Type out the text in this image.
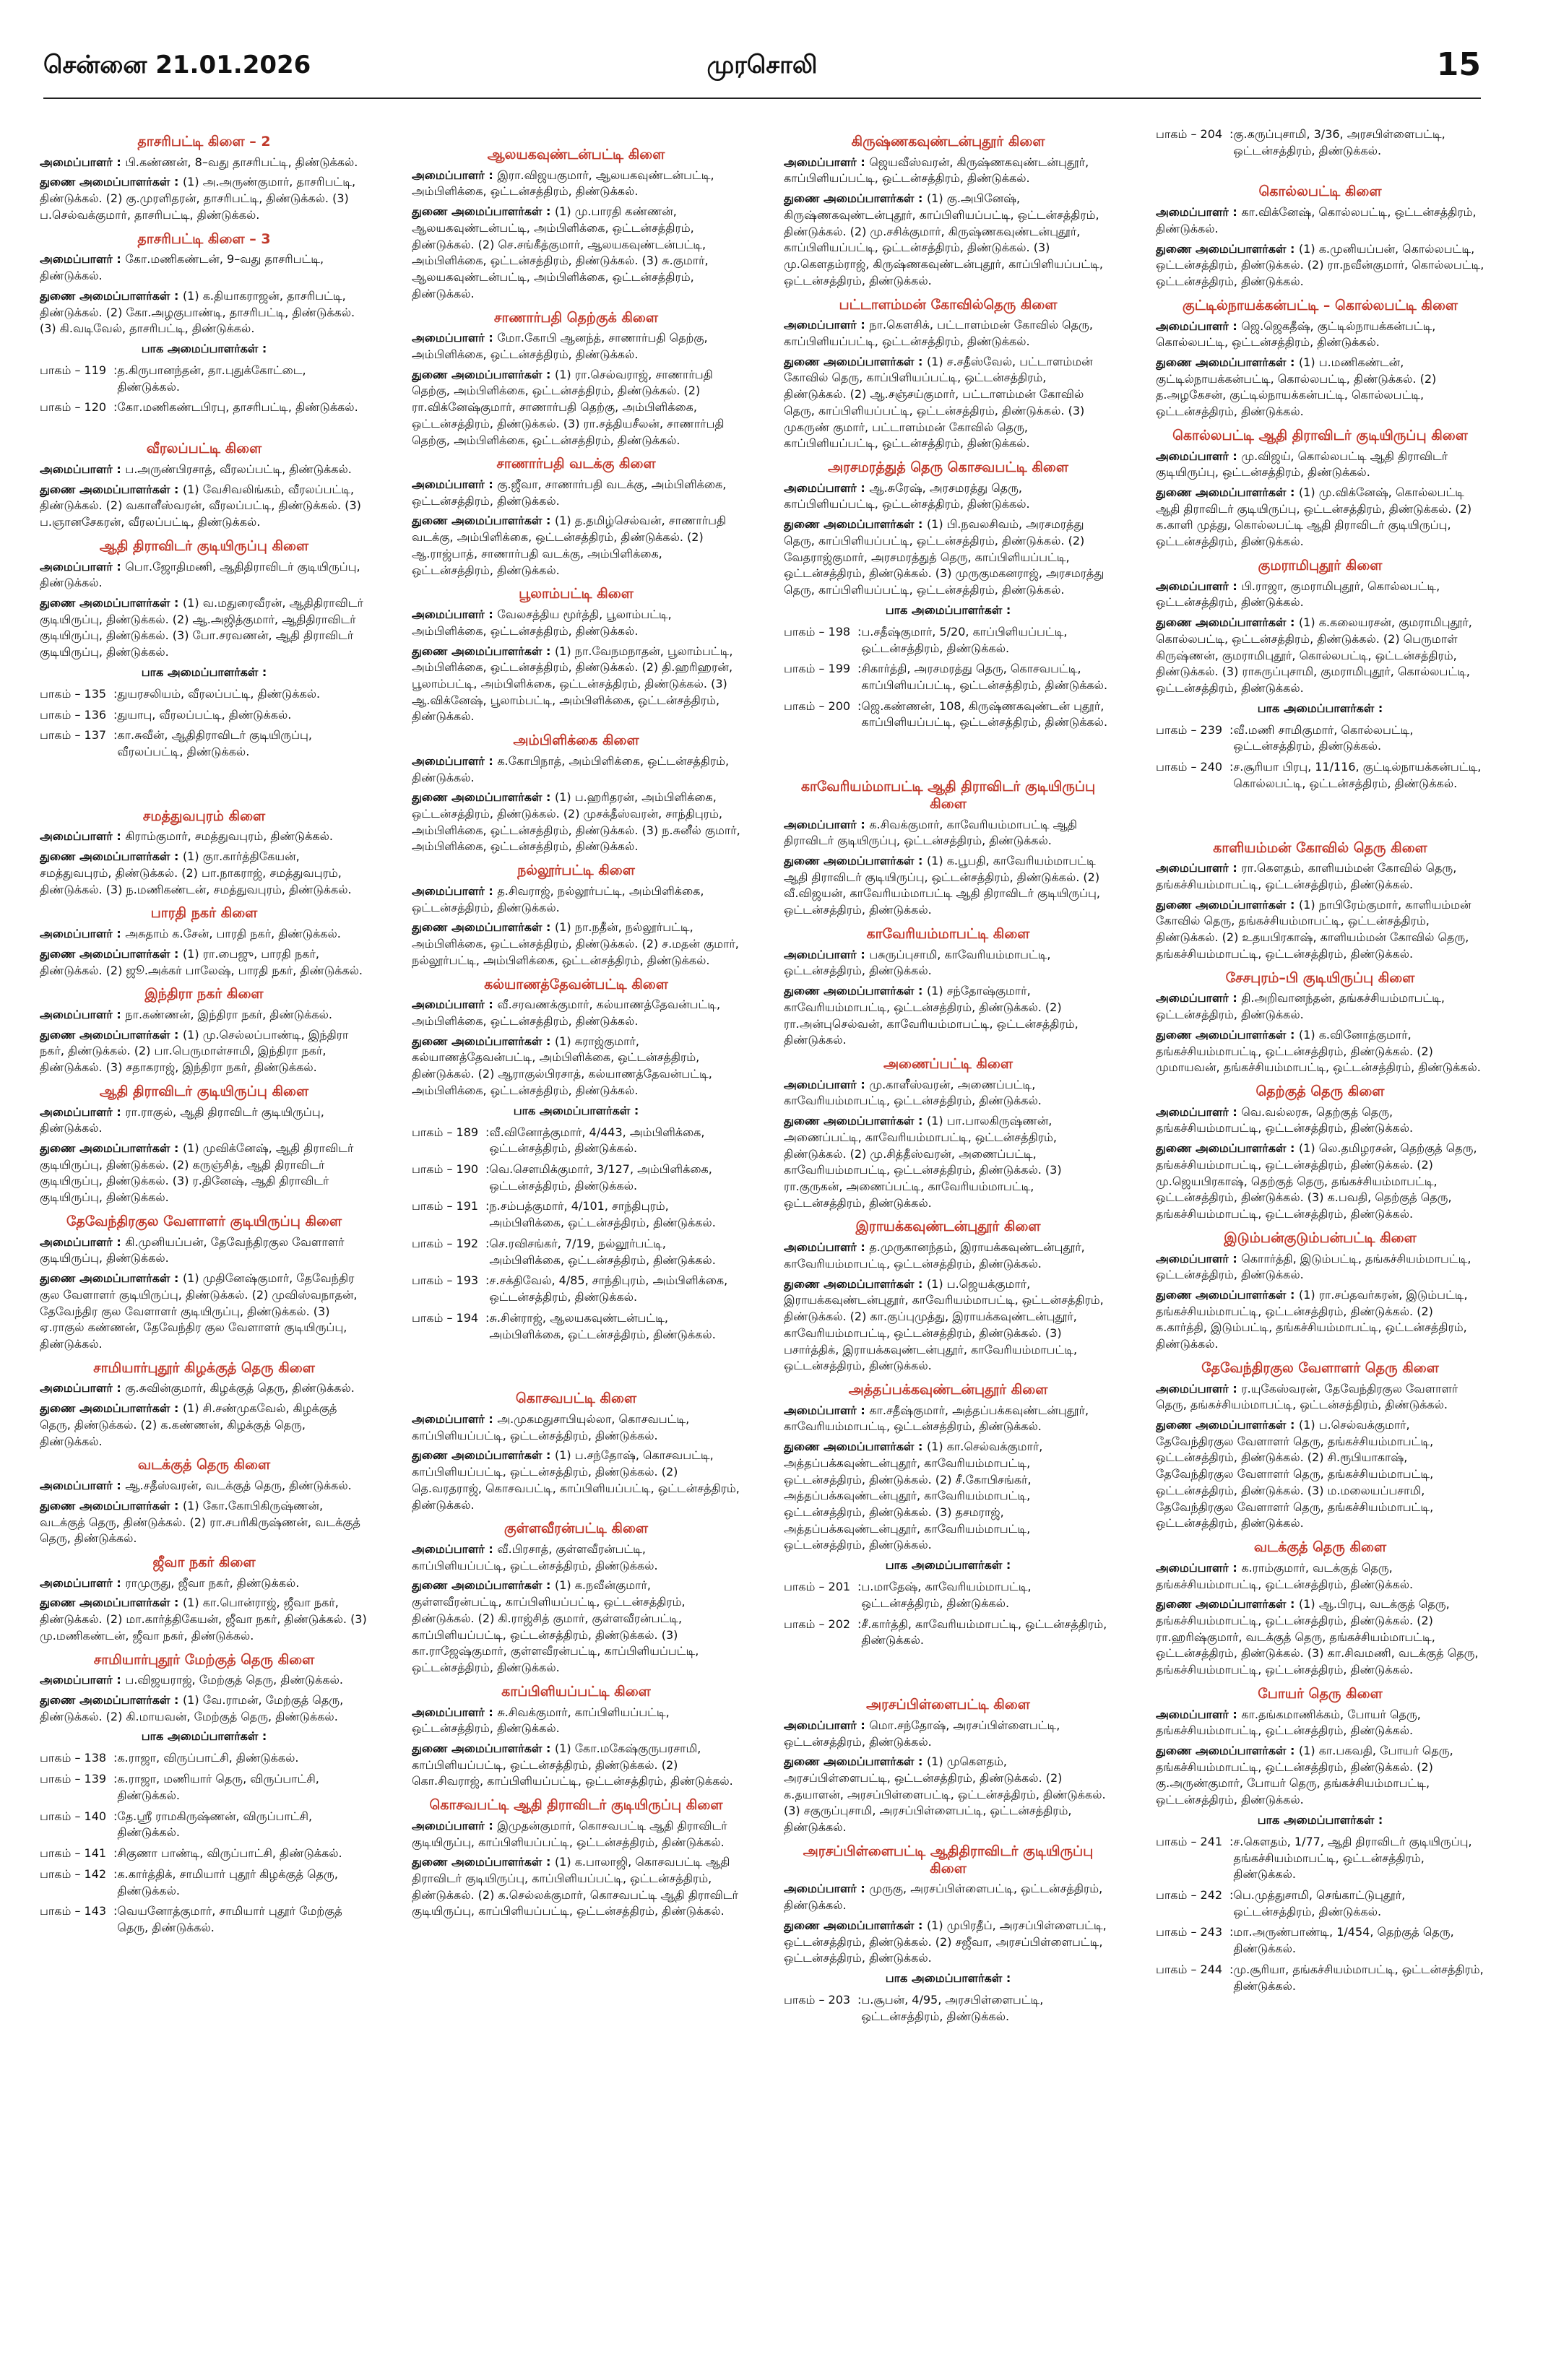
சென்னை 21.01.2026	முரசொலி	15
தாசரிபட்டி கிளை – 2
அமைப்பாளர் : பி.கண்ணன், 8–வது தாசரிபட்டி, திண்டுக்கல்.
துணை அமைப்பாளர்கள் : (1) அ.அருண்குமார், தாசரிபட்டி, திண்டுக்கல். (2) கு.முரளிதரன், தாசரிபட்டி, திண்டுக்கல். (3) ப.செல்வக்குமார், தாசரிபட்டி, திண்டுக்கல்.
தாசரிபட்டி கிளை – 3
அமைப்பாளர் : கோ.மணிகண்டன், 9–வது தாசரிபட்டி, திண்டுக்கல்.
துணை அமைப்பாளர்கள் : (1) க.தியாகராஜன், தாசரிபட்டி, திண்டுக்கல். (2) கோ.அழகுபாண்டி, தாசரிபட்டி, திண்டுக்கல். (3) கி.வடிவேல், தாசரிபட்டி, திண்டுக்கல்.
பாக அமைப்பாளர்கள் :
பாகம் – 119 : த.கிருபானந்தன், தா.புதுக்கோட்டை, திண்டுக்கல்.
பாகம் – 120 : கோ.மணிகண்டபிரபு, தாசரிபட்டி, திண்டுக்கல்.
வீரலப்பட்டி கிளை
அமைப்பாளர் : ப.அருண்பிரசாத், வீரலப்பட்டி, திண்டுக்கல்.
துணை அமைப்பாளர்கள் : (1) வேசிவலிங்கம், வீரலப்பட்டி, திண்டுக்கல். (2) வகாளீஸ்வரன், வீரலப்பட்டி, திண்டுக்கல். (3) ப.ஞானசேகரன், வீரலப்பட்டி, திண்டுக்கல்.
ஆதி திராவிடர் குடியிருப்பு கிளை
அமைப்பாளர் : பொ.ஜோதிமணி, ஆதிதிராவிடர் குடியிருப்பு, திண்டுக்கல்.
துணை அமைப்பாளர்கள் : (1) வ.மதுரைவீரன், ஆதிதிராவிடர் குடியிருப்பு, திண்டுக்கல். (2) ஆ.அஜித்குமார், ஆதிதிராவிடர் குடியிருப்பு, திண்டுக்கல். (3) போ.சரவணன், ஆதி திராவிடர் குடியிருப்பு, திண்டுக்கல்.
பாக அமைப்பாளர்கள் :
பாகம் – 135 : துயரசலியம், வீரலப்பட்டி, திண்டுக்கல்.
பாகம் – 136 : துயாபு, வீரலப்பட்டி, திண்டுக்கல்.
பாகம் – 137 : கா.சுவீன், ஆதிதிராவிடர் குடியிருப்பு, வீரலப்பட்டி, திண்டுக்கல்.
சமத்துவபுரம் கிளை
அமைப்பாளர் : கிராம்குமார், சமத்துவபுரம், திண்டுக்கல்.
துணை அமைப்பாளர்கள் : (1) குா.கார்த்திகேயன், சமத்துவபுரம், திண்டுக்கல். (2) பா.நாகராஜ், சமத்துவபுரம், திண்டுக்கல். (3) ந.மணிகண்டன், சமத்துவபுரம், திண்டுக்கல்.
பாரதி நகர் கிளை
அமைப்பாளர் : அசுதாம் க.சேன், பாரதி நகர், திண்டுக்கல்.
துணை அமைப்பாளர்கள் : (1) ரா.பைஜு, பாரதி நகர், திண்டுக்கல். (2) ஜூ.அக்கர் பாலேஷ், பாரதி நகர், திண்டுக்கல்.
இந்திரா நகர் கிளை
அமைப்பாளர் : நா.கண்ணன், இந்திரா நகர், திண்டுக்கல்.
துணை அமைப்பாளர்கள் : (1) மு.செல்லப்பாண்டி, இந்திரா நகர், திண்டுக்கல். (2) பா.பெருமாள்சாமி, இந்திரா நகர், திண்டுக்கல். (3) சதாகராஜ், இந்திரா நகர், திண்டுக்கல்.
ஆதி திராவிடர் குடியிருப்பு கிளை
அமைப்பாளர் : ரா.ராகுல், ஆதி திராவிடர் குடியிருப்பு, திண்டுக்கல்.
துணை அமைப்பாளர்கள் : (1) முவிக்னேஷ், ஆதி திராவிடர் குடியிருப்பு, திண்டுக்கல். (2) கருஞ்சித், ஆதி திராவிடர் குடியிருப்பு, திண்டுக்கல். (3) ர.தினேஷ், ஆதி திராவிடர் குடியிருப்பு, திண்டுக்கல்.
தேவேந்திரகுல வேளாளர் குடியிருப்பு கிளை
அமைப்பாளர் : கி.முனியப்பன், தேவேந்திரகுல வேளாளர் குடியிருப்பு, திண்டுக்கல்.
துணை அமைப்பாளர்கள் : (1) முதினேஷ்குமார், தேவேந்திர குல வேளாளர் குடியிருப்பு, திண்டுக்கல். (2) முவிஸ்வநாதன், தேவேந்திர குல வேளாளர் குடியிருப்பு, திண்டுக்கல். (3) ஏ.ராகுல் கண்ணன், தேவேந்திர குல வேளாளர் குடியிருப்பு, திண்டுக்கல்.
சாமியார்புதூர் கிழக்குத் தெரு கிளை
அமைப்பாளர் : கு.சுவின்குமார், கிழக்குத் தெரு, திண்டுக்கல்.
துணை அமைப்பாளர்கள் : (1) சி.சண்முகவேல், கிழக்குத் தெரு, திண்டுக்கல். (2) க.கண்ணன், கிழக்குத் தெரு, திண்டுக்கல்.
வடக்குத் தெரு கிளை
அமைப்பாளர் : ஆ.சதீஸ்வரன், வடக்குத் தெரு, திண்டுக்கல்.
துணை அமைப்பாளர்கள் : (1) கோ.கோபிகிருஷ்ணன், வடக்குத் தெரு, திண்டுக்கல். (2) ரா.சபரிகிருஷ்ணன், வடக்குத் தெரு, திண்டுக்கல்.
ஜீவா நகர் கிளை
அமைப்பாளர் : ராமுருது, ஜீவா நகர், திண்டுக்கல்.
துணை அமைப்பாளர்கள் : (1) கா.பொன்ராஜ், ஜீவா நகர், திண்டுக்கல். (2) மா.கார்த்திகேயன், ஜீவா நகர், திண்டுக்கல். (3) மு.மணிகண்டன், ஜீவா நகர், திண்டுக்கல்.
சாமியார்புதூர் மேற்குத் தெரு கிளை
அமைப்பாளர் : ப.விஜயராஜ், மேற்குத் தெரு, திண்டுக்கல்.
துணை அமைப்பாளர்கள் : (1) வே.ராமன், மேற்குத் தெரு, திண்டுக்கல். (2) கி.மாயவன், மேற்குத் தெரு, திண்டுக்கல்.
பாக அமைப்பாளர்கள் :
பாகம் – 138 : க.ராஜா, விருப்பாட்சி, திண்டுக்கல்.
பாகம் – 139 : க.ராஜா, மணியார் தெரு, விருப்பாட்சி, திண்டுக்கல்.
பாகம் – 140 : தே.ஸ்ரீ ராமகிருஷ்ணன், விருப்பாட்சி, திண்டுக்கல்.
பாகம் – 141 : சிகுணா பாண்டி, விருப்பாட்சி, திண்டுக்கல்.
பாகம் – 142 : க.கார்த்திக், சாமியார் புதூர் கிழக்குத் தெரு, திண்டுக்கல்.
பாகம் – 143 : வெயனோத்குமார், சாமியார் புதூர் மேற்குத் தெரு, திண்டுக்கல்.
ஆலயகவுண்டன்பட்டி கிளை
அமைப்பாளர் : இரா.விஜயகுமார், ஆலயகவுண்டன்பட்டி, அம்பிளிக்கை, ஒட்டன்சத்திரம், திண்டுக்கல்.
துணை அமைப்பாளர்கள் : (1) மு.பாரதி கண்ணன், ஆலயகவுண்டன்பட்டி, அம்பிளிக்கை, ஒட்டன்சத்திரம், திண்டுக்கல். (2) செ.சங்கீத்குமார், ஆலயகவுண்டன்பட்டி, அம்பிளிக்கை, ஒட்டன்சத்திரம், திண்டுக்கல். (3) சு.குமார், ஆலயகவுண்டன்பட்டி, அம்பிளிக்கை, ஒட்டன்சத்திரம், திண்டுக்கல்.
சாணார்பதி தெற்குக் கிளை
அமைப்பாளர் : மோ.கோபி ஆனந்த், சாணார்பதி தெற்கு, அம்பிளிக்கை, ஒட்டன்சத்திரம், திண்டுக்கல்.
துணை அமைப்பாளர்கள் : (1) ரா.செல்வராஜ், சாணார்பதி தெற்கு, அம்பிளிக்கை, ஒட்டன்சத்திரம், திண்டுக்கல். (2) ரா.விக்னேஷ்குமார், சாணார்பதி தெற்கு, அம்பிளிக்கை, ஒட்டன்சத்திரம், திண்டுக்கல். (3) ரா.சத்தியசீலன், சாணார்பதி தெற்கு, அம்பிளிக்கை, ஒட்டன்சத்திரம், திண்டுக்கல்.
சாணார்பதி வடக்கு கிளை
அமைப்பாளர் : கு.ஜீவா, சாணார்பதி வடக்கு, அம்பிளிக்கை, ஒட்டன்சத்திரம், திண்டுக்கல்.
துணை அமைப்பாளர்கள் : (1) த.தமிழ்செல்வன், சாணார்பதி வடக்கு, அம்பிளிக்கை, ஒட்டன்சத்திரம், திண்டுக்கல். (2) ஆ.ராஜ்பாத், சாணார்பதி வடக்கு, அம்பிளிக்கை, ஒட்டன்சத்திரம், திண்டுக்கல்.
பூலாம்பட்டி கிளை
அமைப்பாளர் : வேலசத்திய மூர்த்தி, பூலாம்பட்டி, அம்பிளிக்கை, ஒட்டன்சத்திரம், திண்டுக்கல்.
துணை அமைப்பாளர்கள் : (1) நா.வேநமநாதன், பூலாம்பட்டி, அம்பிளிக்கை, ஒட்டன்சத்திரம், திண்டுக்கல். (2) தி.ஹரிஹரன், பூலாம்பட்டி, அம்பிளிக்கை, ஒட்டன்சத்திரம், திண்டுக்கல். (3) ஆ.விக்னேஷ், பூலாம்பட்டி, அம்பிளிக்கை, ஒட்டன்சத்திரம், திண்டுக்கல்.
அம்பிளிக்கை கிளை
அமைப்பாளர் : க.கோபிநாத், அம்பிளிக்கை, ஒட்டன்சத்திரம், திண்டுக்கல்.
துணை அமைப்பாளர்கள் : (1) ப.ஹரிதரன், அம்பிளிக்கை, ஒட்டன்சத்திரம், திண்டுக்கல். (2) முசக்தீஸ்வரன், சாந்திபுரம், அம்பிளிக்கை, ஒட்டன்சத்திரம், திண்டுக்கல். (3) ந.சுனீல் குமார், அம்பிளிக்கை, ஒட்டன்சத்திரம், திண்டுக்கல்.
நல்லூர்பட்டி கிளை
அமைப்பாளர் : த.சிவராஜ், நல்லூர்பட்டி, அம்பிளிக்கை, ஒட்டன்சத்திரம், திண்டுக்கல்.
துணை அமைப்பாளர்கள் : (1) நா.நதீன், நல்லூர்பட்டி, அம்பிளிக்கை, ஒட்டன்சத்திரம், திண்டுக்கல். (2) ச.மதன் குமார், நல்லூர்பட்டி, அம்பிளிக்கை, ஒட்டன்சத்திரம், திண்டுக்கல்.
கல்யாணத்தேவன்பட்டி கிளை
அமைப்பாளர் : வீ.சரவணக்குமார், கல்யாணத்தேவன்பட்டி, அம்பிளிக்கை, ஒட்டன்சத்திரம், திண்டுக்கல்.
துணை அமைப்பாளர்கள் : (1) சுராஜ்குமார், கல்யாணத்தேவன்பட்டி, அம்பிளிக்கை, ஒட்டன்சத்திரம், திண்டுக்கல். (2) ஆராகுல்பிரசாத், கல்யாணத்தேவன்பட்டி, அம்பிளிக்கை, ஒட்டன்சத்திரம், திண்டுக்கல்.
பாக அமைப்பாளர்கள் :
பாகம் – 189 : வீ.வினோத்குமார், 4/443, அம்பிளிக்கை, ஒட்டன்சத்திரம், திண்டுக்கல்.
பாகம் – 190 : வெ.செளமிக்குமார், 3/127, அம்பிளிக்கை, ஒட்டன்சத்திரம், திண்டுக்கல்.
பாகம் – 191 : ந.சம்பத்குமார், 4/101, சாந்திபுரம், அம்பிளிக்கை, ஒட்டன்சத்திரம், திண்டுக்கல்.
பாகம் – 192 : செ.ரவிசங்கர், 7/19, நல்லூர்பட்டி, அம்பிளிக்கை, ஒட்டன்சத்திரம், திண்டுக்கல்.
பாகம் – 193 : ச.சக்திவேல், 4/85, சாந்திபுரம், அம்பிளிக்கை, ஒட்டன்சத்திரம், திண்டுக்கல்.
பாகம் – 194 : சு.சின்ராஜ், ஆலயகவுண்டன்பட்டி, அம்பிளிக்கை, ஒட்டன்சத்திரம், திண்டுக்கல்.
கொசவபட்டி கிளை
அமைப்பாளர் : அ.முகமதுசாபியுல்லா, கொசவபட்டி, காப்பிளியப்பட்டி, ஒட்டன்சத்திரம், திண்டுக்கல்.
துணை அமைப்பாளர்கள் : (1) ப.சந்தோஷ், கொசவபட்டி, காப்பிளியப்பட்டி, ஒட்டன்சத்திரம், திண்டுக்கல். (2) தெ.வரதராஜ், கொசவபட்டி, காப்பிளியப்பட்டி, ஒட்டன்சத்திரம், திண்டுக்கல்.
குள்ளவீரன்பட்டி கிளை
அமைப்பாளர் : வீ.பிரசாத், குள்ளவீரன்பட்டி, காப்பிளியப்பட்டி, ஒட்டன்சத்திரம், திண்டுக்கல்.
துணை அமைப்பாளர்கள் : (1) க.நவீன்குமார், குள்ளவீரன்பட்டி, காப்பிளியப்பட்டி, ஒட்டன்சத்திரம், திண்டுக்கல். (2) கி.ராஜ்சித் குமார், குள்ளவீரன்பட்டி, காப்பிளியப்பட்டி, ஒட்டன்சத்திரம், திண்டுக்கல். (3) கா.ராஜேஷ்குமார், குள்ளவீரன்பட்டி, காப்பிளியப்பட்டி, ஒட்டன்சத்திரம், திண்டுக்கல்.
காப்பிளியப்பட்டி கிளை
அமைப்பாளர் : சு.சிவக்குமார், காப்பிளியப்பட்டி, ஒட்டன்சத்திரம், திண்டுக்கல்.
துணை அமைப்பாளர்கள் : (1) கோ.மகேஷ்குருபரசாமி, காப்பிளியப்பட்டி, ஒட்டன்சத்திரம், திண்டுக்கல். (2) கொ.சிவராஜ், காப்பிளியப்பட்டி, ஒட்டன்சத்திரம், திண்டுக்கல்.
கொசவபட்டி ஆதி திராவிடர் குடியிருப்பு கிளை
அமைப்பாளர் : இமுதன்குமார், கொசவபட்டி ஆதி திராவிடர் குடியிருப்பு, காப்பிளியப்பட்டி, ஒட்டன்சத்திரம், திண்டுக்கல்.
துணை அமைப்பாளர்கள் : (1) க.பாலாஜி, கொசவபட்டி ஆதி திராவிடர் குடியிருப்பு, காப்பிளியப்பட்டி, ஒட்டன்சத்திரம், திண்டுக்கல். (2) க.செல்லக்குமார், கொசவபட்டி ஆதி திராவிடர் குடியிருப்பு, காப்பிளியப்பட்டி, ஒட்டன்சத்திரம், திண்டுக்கல்.
கிருஷ்ணகவுண்டன்புதூர் கிளை
அமைப்பாளர் : ஜெயவீஸ்வரன், கிருஷ்ணகவுண்டன்புதூர், காப்பிளியப்பட்டி, ஒட்டன்சத்திரம், திண்டுக்கல்.
துணை அமைப்பாளர்கள் : (1) கு.அபினேஷ், கிருஷ்ணகவுண்டன்புதூர், காப்பிளியப்பட்டி, ஒட்டன்சத்திரம், திண்டுக்கல். (2) மு.சசிக்குமார், கிருஷ்ணகவுண்டன்புதூர், காப்பிளியப்பட்டி, ஒட்டன்சத்திரம், திண்டுக்கல். (3) மு.கௌதம்ராஜ், கிருஷ்ணகவுண்டன்புதூர், காப்பிளியப்பட்டி, ஒட்டன்சத்திரம், திண்டுக்கல்.
பட்டாளம்மன் கோவில்தெரு கிளை
அமைப்பாளர் : நா.கௌசிக், பட்டாளம்மன் கோவில் தெரு, காப்பிளியப்பட்டி, ஒட்டன்சத்திரம், திண்டுக்கல்.
துணை அமைப்பாளர்கள் : (1) ச.சதீஸ்வேல், பட்டாளம்மன் கோவில் தெரு, காப்பிளியப்பட்டி, ஒட்டன்சத்திரம், திண்டுக்கல். (2) ஆ.சஞ்சய்குமார், பட்டாளம்மன் கோவில் தெரு, காப்பிளியப்பட்டி, ஒட்டன்சத்திரம், திண்டுக்கல். (3) முகருண் குமார், பட்டாளம்மன் கோவில் தெரு, காப்பிளியப்பட்டி, ஒட்டன்சத்திரம், திண்டுக்கல்.
அரசமரத்துத் தெரு கொசவபட்டி கிளை
அமைப்பாளர் : ஆ.சுரேஷ், அரசமரத்து தெரு, காப்பிளியப்பட்டி, ஒட்டன்சத்திரம், திண்டுக்கல்.
துணை அமைப்பாளர்கள் : (1) பி.நவலசிவம், அரசமரத்து தெரு, காப்பிளியப்பட்டி, ஒட்டன்சத்திரம், திண்டுக்கல். (2) வேதராஜ்குமார், அரசமரத்துத் தெரு, காப்பிளியப்பட்டி, ஒட்டன்சத்திரம், திண்டுக்கல். (3) முருகுமகனராஜ், அரசமரத்து தெரு, காப்பிளியப்பட்டி, ஒட்டன்சத்திரம், திண்டுக்கல்.
பாக அமைப்பாளர்கள் :
பாகம் – 198 : ப.சதீஷ்குமார், 5/20, காப்பிளியப்பட்டி, ஒட்டன்சத்திரம், திண்டுக்கல்.
பாகம் – 199 : சிகார்த்தி, அரசமரத்து தெரு, கொசவபட்டி, காப்பிளியப்பட்டி, ஒட்டன்சத்திரம், திண்டுக்கல்.
பாகம் – 200 : ஜெ.கண்ணன், 108, கிருஷ்ணகவுண்டன் புதூர், காப்பிளியப்பட்டி, ஒட்டன்சத்திரம், திண்டுக்கல்.
காவேரியம்மாபட்டி ஆதி திராவிடர் குடியிருப்பு கிளை
அமைப்பாளர் : க.சிவக்குமார், காவேரியம்மாபட்டி ஆதி திராவிடர் குடியிருப்பு, ஒட்டன்சத்திரம், திண்டுக்கல்.
துணை அமைப்பாளர்கள் : (1) க.பூபதி, காவேரியம்மாபட்டி ஆதி திராவிடர் குடியிருப்பு, ஒட்டன்சத்திரம், திண்டுக்கல். (2) வீ.விஜயன், காவேரியம்மாபட்டி ஆதி திராவிடர் குடியிருப்பு, ஒட்டன்சத்திரம், திண்டுக்கல்.
காவேரியம்மாபட்டி கிளை
அமைப்பாளர் : பசுருப்புசாமி, காவேரியம்மாபட்டி, ஒட்டன்சத்திரம், திண்டுக்கல்.
துணை அமைப்பாளர்கள் : (1) சந்தோஷ்குமார், காவேரியம்மாபட்டி, ஒட்டன்சத்திரம், திண்டுக்கல். (2) ரா.அன்புசெல்வன், காவேரியம்மாபட்டி, ஒட்டன்சத்திரம், திண்டுக்கல்.
அணைப்பட்டி கிளை
அமைப்பாளர் : மு.காளீஸ்வரன், அணைப்பட்டி, காவேரியம்மாபட்டி, ஒட்டன்சத்திரம், திண்டுக்கல்.
துணை அமைப்பாளர்கள் : (1) பா.பாலகிருஷ்ணன், அணைப்பட்டி, காவேரியம்மாபட்டி, ஒட்டன்சத்திரம், திண்டுக்கல். (2) மு.சித்தீஸ்வரன், அணைப்பட்டி, காவேரியம்மாபட்டி, ஒட்டன்சத்திரம், திண்டுக்கல். (3) ரா.குருகன், அணைப்பட்டி, காவேரியம்மாபட்டி, ஒட்டன்சத்திரம், திண்டுக்கல்.
இராயக்கவுண்டன்புதூர் கிளை
அமைப்பாளர் : த.முருகானந்தம், இராயக்கவுண்டன்புதூர், காவேரியம்மாபட்டி, ஒட்டன்சத்திரம், திண்டுக்கல்.
துணை அமைப்பாளர்கள் : (1) ப.ஜெயக்குமார், இராயக்கவுண்டன்புதூர், காவேரியம்மாபட்டி, ஒட்டன்சத்திரம், திண்டுக்கல். (2) கா.குப்புமுத்து, இராயக்கவுண்டன்புதூர், காவேரியம்மாபட்டி, ஒட்டன்சத்திரம், திண்டுக்கல். (3) பசார்த்திக், இராயக்கவுண்டன்புதூர், காவேரியம்மாபட்டி, ஒட்டன்சத்திரம், திண்டுக்கல்.
அத்தப்பக்கவுண்டன்புதூர் கிளை
அமைப்பாளர் : கா.சதீஷ்குமார், அத்தப்பக்கவுண்டன்புதூர், காவேரியம்மாபட்டி, ஒட்டன்சத்திரம், திண்டுக்கல்.
துணை அமைப்பாளர்கள் : (1) கா.செல்வக்குமார், அத்தப்பக்கவுண்டன்புதூர், காவேரியம்மாபட்டி, ஒட்டன்சத்திரம், திண்டுக்கல். (2) சீ.கோபிசங்கர், அத்தப்பக்கவுண்டன்புதூர், காவேரியம்மாபட்டி, ஒட்டன்சத்திரம், திண்டுக்கல். (3) தசமராஜ், அத்தப்பக்கவுண்டன்புதூர், காவேரியம்மாபட்டி, ஒட்டன்சத்திரம், திண்டுக்கல்.
பாக அமைப்பாளர்கள் :
பாகம் – 201 : ப.மாதேஷ், காவேரியம்மாபட்டி, ஒட்டன்சத்திரம், திண்டுக்கல்.
பாகம் – 202 : சீ.கார்த்தி, காவேரியம்மாபட்டி, ஒட்டன்சத்திரம், திண்டுக்கல்.
அரசப்பிள்ளைபட்டி கிளை
அமைப்பாளர் : மொ.சந்தோஷ், அரசப்பிள்ளைபட்டி, ஒட்டன்சத்திரம், திண்டுக்கல்.
துணை அமைப்பாளர்கள் : (1) முகௌதம், அரசப்பிள்ளைபட்டி, ஒட்டன்சத்திரம், திண்டுக்கல். (2) க.தயாளன், அரசப்பிள்ளைபட்டி, ஒட்டன்சத்திரம், திண்டுக்கல். (3) சகுருப்புசாமி, அரசப்பிள்ளைபட்டி, ஒட்டன்சத்திரம், திண்டுக்கல்.
அரசப்பிள்ளைபட்டி ஆதிதிராவிடர் குடியிருப்பு கிளை
அமைப்பாளர் : முருகு, அரசப்பிள்ளைபட்டி, ஒட்டன்சத்திரம், திண்டுக்கல்.
துணை அமைப்பாளர்கள் : (1) முபிரதீப், அரசப்பிள்ளைபட்டி, ஒட்டன்சத்திரம், திண்டுக்கல். (2) சஜீவா, அரசப்பிள்ளைபட்டி, ஒட்டன்சத்திரம், திண்டுக்கல்.
பாக அமைப்பாளர்கள் :
பாகம் – 203 : ப.சூபன், 4/95, அரசபிள்ளைபட்டி, ஒட்டன்சத்திரம், திண்டுக்கல்.
பாகம் – 204 : கு.கருப்புசாமி, 3/36, அரசபிள்ளைபட்டி, ஒட்டன்சத்திரம், திண்டுக்கல்.
கொல்லபட்டி கிளை
அமைப்பாளர் : கா.விக்னேஷ், கொல்லபட்டி, ஒட்டன்சத்திரம், திண்டுக்கல்.
துணை அமைப்பாளர்கள் : (1) க.முனியப்பன், கொல்லபட்டி, ஒட்டன்சத்திரம், திண்டுக்கல். (2) ரா.நவீன்குமார், கொல்லபட்டி, ஒட்டன்சத்திரம், திண்டுக்கல்.
குட்டில்நாயக்கன்பட்டி – கொல்லபட்டி கிளை
அமைப்பாளர் : ஜெ.ஜெகதீஷ், குட்டில்நாயக்கன்பட்டி, கொல்லபட்டி, ஒட்டன்சத்திரம், திண்டுக்கல்.
துணை அமைப்பாளர்கள் : (1) ப.மணிகண்டன், குட்டில்நாயக்கன்பட்டி, கொல்லபட்டி, திண்டுக்கல். (2) த.அழகேசன், குட்டில்நாயக்கன்பட்டி, கொல்லபட்டி, ஒட்டன்சத்திரம், திண்டுக்கல்.
கொல்லபட்டி ஆதி திராவிடர் குடியிருப்பு கிளை
அமைப்பாளர் : மு.விஜய், கொல்லபட்டி ஆதி திராவிடர் குடியிருப்பு, ஒட்டன்சத்திரம், திண்டுக்கல்.
துணை அமைப்பாளர்கள் : (1) மு.விக்னேஷ், கொல்லபட்டி ஆதி திராவிடர் குடியிருப்பு, ஒட்டன்சத்திரம், திண்டுக்கல். (2) க.காளி முத்து, கொல்லபட்டி ஆதி திராவிடர் குடியிருப்பு, ஒட்டன்சத்திரம், திண்டுக்கல்.
குமராமிபுதூர் கிளை
அமைப்பாளர் : பி.ராஜா, குமராமிபுதூர், கொல்லபட்டி, ஒட்டன்சத்திரம், திண்டுக்கல்.
துணை அமைப்பாளர்கள் : (1) க.கலையரசன், குமராமிபுதூர், கொல்லபட்டி, ஒட்டன்சத்திரம், திண்டுக்கல். (2) பெருமாள் கிருஷ்ணன், குமராமிபுதூர், கொல்லபட்டி, ஒட்டன்சத்திரம், திண்டுக்கல். (3) ராசுருப்புசாமி, குமராமிபுதூர், கொல்லபட்டி, ஒட்டன்சத்திரம், திண்டுக்கல்.
பாக அமைப்பாளர்கள் :
பாகம் – 239 : வீ.மணி சாமிகுமார், கொல்லபட்டி, ஒட்டன்சத்திரம், திண்டுக்கல்.
பாகம் – 240 : ச.சூரியா பிரபு, 11/116, குட்டில்நாயக்கன்பட்டி, கொல்லபட்டி, ஒட்டன்சத்திரம், திண்டுக்கல்.
காளியம்மன் கோவில் தெரு கிளை
அமைப்பாளர் : ரா.கௌதம், காளியம்மன் கோவில் தெரு, தங்கச்சியம்மாபட்டி, ஒட்டன்சத்திரம், திண்டுக்கல்.
துணை அமைப்பாளர்கள் : (1) நாபிரேம்குமார், காளியம்மன் கோவில் தெரு, தங்கச்சியம்மாபட்டி, ஒட்டன்சத்திரம், திண்டுக்கல். (2) உதயபிரகாஷ், காளியம்மன் கோவில் தெரு, தங்கச்சியம்மாபட்டி, ஒட்டன்சத்திரம், திண்டுக்கல்.
சேசபுரம்–பி குடியிருப்பு கிளை
அமைப்பாளர் : தி.அறிவானந்தன், தங்கச்சியம்மாபட்டி, ஒட்டன்சத்திரம், திண்டுக்கல்.
துணை அமைப்பாளர்கள் : (1) க.வினோத்குமார், தங்கச்சியம்மாபட்டி, ஒட்டன்சத்திரம், திண்டுக்கல். (2) முமாயவன், தங்கச்சியம்மாபட்டி, ஒட்டன்சத்திரம், திண்டுக்கல்.
தெற்குத் தெரு கிளை
அமைப்பாளர் : வெ.வல்லரசு, தெற்குத் தெரு, தங்கச்சியம்மாபட்டி, ஒட்டன்சத்திரம், திண்டுக்கல்.
துணை அமைப்பாளர்கள் : (1) லெ.தமிழரசன், தெற்குத் தெரு, தங்கச்சியம்மாபட்டி, ஒட்டன்சத்திரம், திண்டுக்கல். (2) மு.ஜெயபிரகாஷ், தெற்குத் தெரு, தங்கச்சியம்மாபட்டி, ஒட்டன்சத்திரம், திண்டுக்கல். (3) க.பவதி, தெற்குத் தெரு, தங்கச்சியம்மாபட்டி, ஒட்டன்சத்திரம், திண்டுக்கல்.
இடும்பன்குடும்பன்பட்டி கிளை
அமைப்பாளர் : கொார்த்தி, இடும்பட்டி, தங்கச்சியம்மாபட்டி, ஒட்டன்சத்திரம், திண்டுக்கல்.
துணை அமைப்பாளர்கள் : (1) ரா.சப்தவர்கரன், இடும்பட்டி, தங்கச்சியம்மாபட்டி, ஒட்டன்சத்திரம், திண்டுக்கல். (2) க.கார்த்தி, இடும்பட்டி, தங்கச்சியம்மாபட்டி, ஒட்டன்சத்திரம், திண்டுக்கல்.
தேவேந்திரகுல வேளாளர் தெரு கிளை
அமைப்பாளர் : ர.யுகேஸ்வரன், தேவேந்திரகுல வேளாளர் தெரு, தங்கச்சியம்மாபட்டி, ஒட்டன்சத்திரம், திண்டுக்கல்.
துணை அமைப்பாளர்கள் : (1) ப.செல்வக்குமார், தேவேந்திரகுல வேளாளர் தெரு, தங்கச்சியம்மாபட்டி, ஒட்டன்சத்திரம், திண்டுக்கல். (2) சி.ரூபியாகாஷ், தேவேந்திரகுல வேளாளர் தெரு, தங்கச்சியம்மாபட்டி, ஒட்டன்சத்திரம், திண்டுக்கல். (3) ம.மலையப்பசாமி, தேவேந்திரகுல வேளாளர் தெரு, தங்கச்சியம்மாபட்டி, ஒட்டன்சத்திரம், திண்டுக்கல்.
வடக்குத் தெரு கிளை
அமைப்பாளர் : க.ராம்குமார், வடக்குத் தெரு, தங்கச்சியம்மாபட்டி, ஒட்டன்சத்திரம், திண்டுக்கல்.
துணை அமைப்பாளர்கள் : (1) ஆ.பிரபு, வடக்குத் தெரு, தங்கச்சியம்மாபட்டி, ஒட்டன்சத்திரம், திண்டுக்கல். (2) ரா.ஹரிஷ்குமார், வடக்குத் தெரு, தங்கச்சியம்மாபட்டி, ஒட்டன்சத்திரம், திண்டுக்கல். (3) கா.சிவமணி, வடக்குத் தெரு, தங்கச்சியம்மாபட்டி, ஒட்டன்சத்திரம், திண்டுக்கல்.
போயர் தெரு கிளை
அமைப்பாளர் : கா.தங்கமாணிக்கம், போயர் தெரு, தங்கச்சியம்மாபட்டி, ஒட்டன்சத்திரம், திண்டுக்கல்.
துணை அமைப்பாளர்கள் : (1) கா.பகவதி, போயர் தெரு, தங்கச்சியம்மாபட்டி, ஒட்டன்சத்திரம், திண்டுக்கல். (2) கு.அருண்குமார், போயர் தெரு, தங்கச்சியம்மாபட்டி, ஒட்டன்சத்திரம், திண்டுக்கல்.
பாக அமைப்பாளர்கள் :
பாகம் – 241 : ச.கௌதம், 1/77, ஆதி திராவிடர் குடியிருப்பு, தங்கச்சியம்மாபட்டி, ஒட்டன்சத்திரம், திண்டுக்கல்.
பாகம் – 242 : பெ.முத்துசாமி, செங்காட்டுபுதூர், ஒட்டன்சத்திரம், திண்டுக்கல்.
பாகம் – 243 : மா.அருண்பாண்டி, 1/454, தெற்குத் தெரு, திண்டுக்கல்.
பாகம் – 244 : மு.சூரியா, தங்கச்சியம்மாபட்டி, ஒட்டன்சத்திரம், திண்டுக்கல்.
